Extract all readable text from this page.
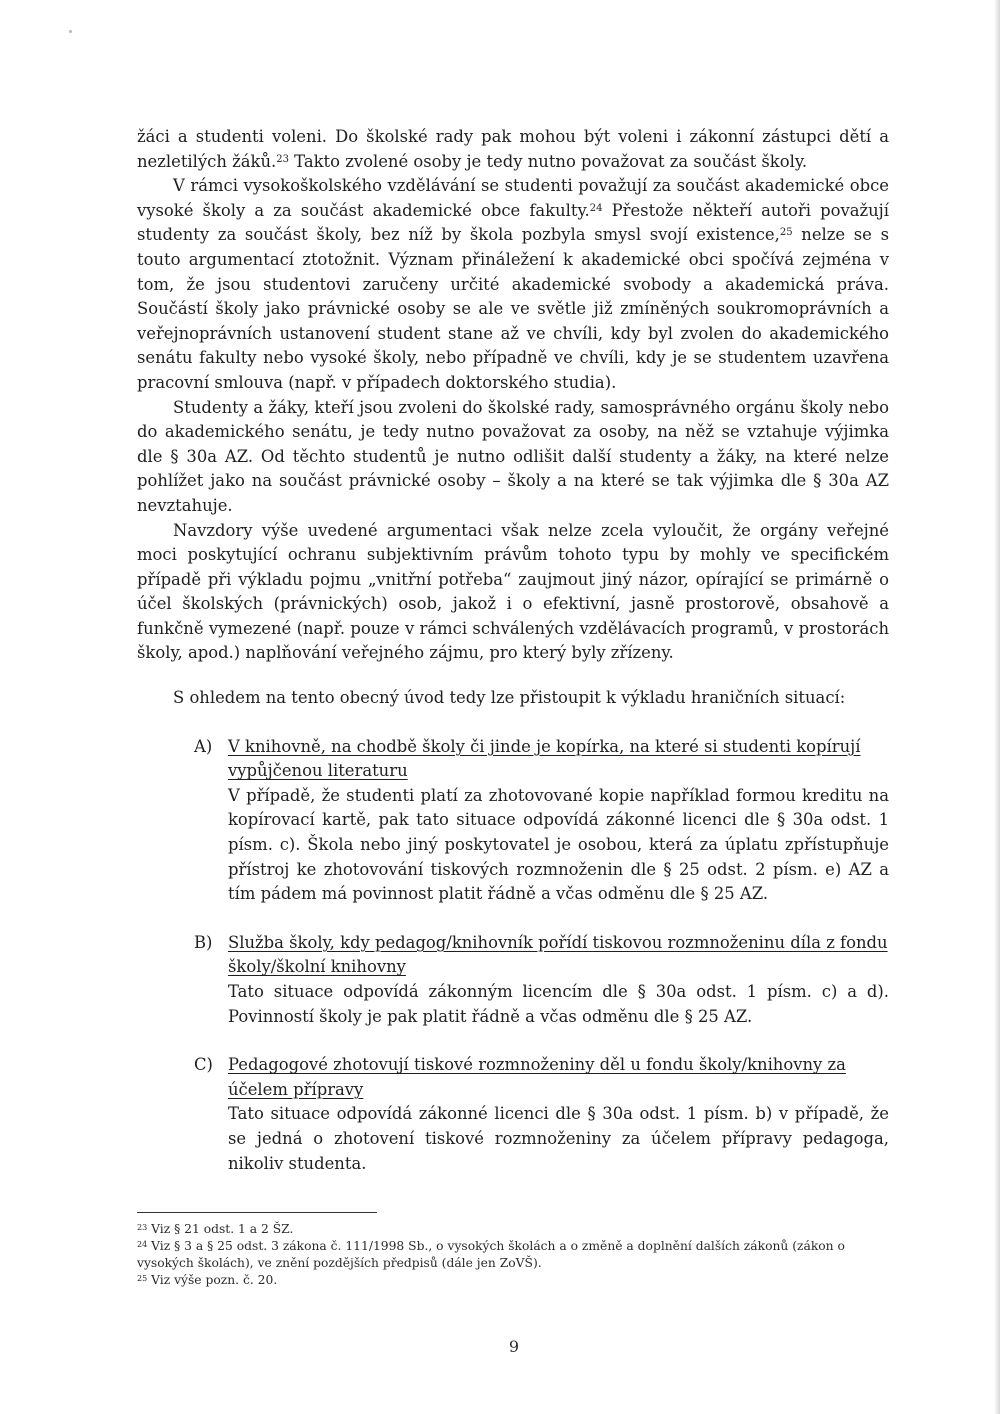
žáci a studenti voleni. Do školské rady pak mohou být voleni i zákonní zástupci dětí a nezletilých žáků.$^{23}$ Takto zvolené osoby je tedy nutno považovat za součást školy.

V rámci vysokoškolského vzdělávání se studenti považují za součást akademické obce vysoké školy a za součást akademické obce fakulty.$^{24}$ Přestože někteří autoři považují studenty za součást školy, bez níž by škola pozbyla smysl svojí existence,$^{25}$ nelze se s touto argumentací ztotožnit. Význam přináležení k akademické obci spočívá zejména v tom, že jsou studentovi zaručeny určité akademické svobody a akademická práva. Součástí školy jako právnické osoby se ale ve světle již zmíněných soukromoprávních a veřejnoprávních ustanovení student stane až ve chvíli, kdy byl zvolen do akademického senátu fakulty nebo vysoké školy, nebo případně ve chvíli, kdy je se studentem uzavřena pracovní smlouva (např. v případech doktorského studia).

Studenty a žáky, kteří jsou zvoleni do školské rady, samosprávného orgánu školy nebo do akademického senátu, je tedy nutno považovat za osoby, na něž se vztahuje výjimka dle § 30a AZ. Od těchto studentů je nutno odlišit další studenty a žáky, na které nelze pohlížet jako na součást právnické osoby – školy a na které se tak výjimka dle § 30a AZ nevztahuje.

Navzdory výše uvedené argumentaci však nelze zcela vyloučit, že orgány veřejné moci poskytující ochranu subjektivním právům tohoto typu by mohly ve specifickém případě při výkladu pojmu „vnitřní potřeba“ zaujmout jiný názor, opírající se primárně o účel školských (právnických) osob, jakož i o efektivní, jasně prostorově, obsahově a funkčně vymezené (např. pouze v rámci schválených vzdělávacích programů, v prostorách školy, apod.) naplňování veřejného zájmu, pro který byly zřízeny.

S ohledem na tento obecný úvod tedy lze přistoupit k výkladu hraničních situací:

A) V knihovně, na chodbě školy či jinde je kopírka, na které si studenti kopírují vypůjčenou literaturu

V případě, že studenti platí za zhotovované kopie například formou kreditu na kopírovací kartě, pak tato situace odpovídá zákonné licenci dle § 30a odst. 1 písm. c). Škola nebo jiný poskytovatel je osobou, která za úplatu zpřístupňuje přístroj ke zhotovování tiskových rozmnoženin dle § 25 odst. 2 písm. e) AZ a tím pádem má povinnost platit řádně a včas odměnu dle § 25 AZ.

B) Služba školy, kdy pedagog/knihovník pořídí tiskovou rozmnoženinu díla z fondu školy/školní knihovny

Tato situace odpovídá zákonným licencím dle § 30a odst. 1 písm. c) a d). Povinností školy je pak platit řádně a včas odměnu dle § 25 AZ.

C) Pedagogové zhotovují tiskové rozmnoženiny děl u fondu školy/knihovny za účelem přípravy

Tato situace odpovídá zákonné licenci dle § 30a odst. 1 písm. b) v případě, že se jedná o zhotovení tiskové rozmnoženiny za účelem přípravy pedagoga, nikoliv studenta.

$^{23}$ Viz § 21 odst. 1 a 2 ŠZ.

$^{24}$ Viz § 3 a § 25 odst. 3 zákona č. 111/1998 Sb., o vysokých školách a o změně a doplnění dalších zákonů (zákon o vysokých školách), ve znění pozdějších předpisů (dále jen ZoVŠ).

$^{25}$ Viz výše pozn. č. 20.

9
